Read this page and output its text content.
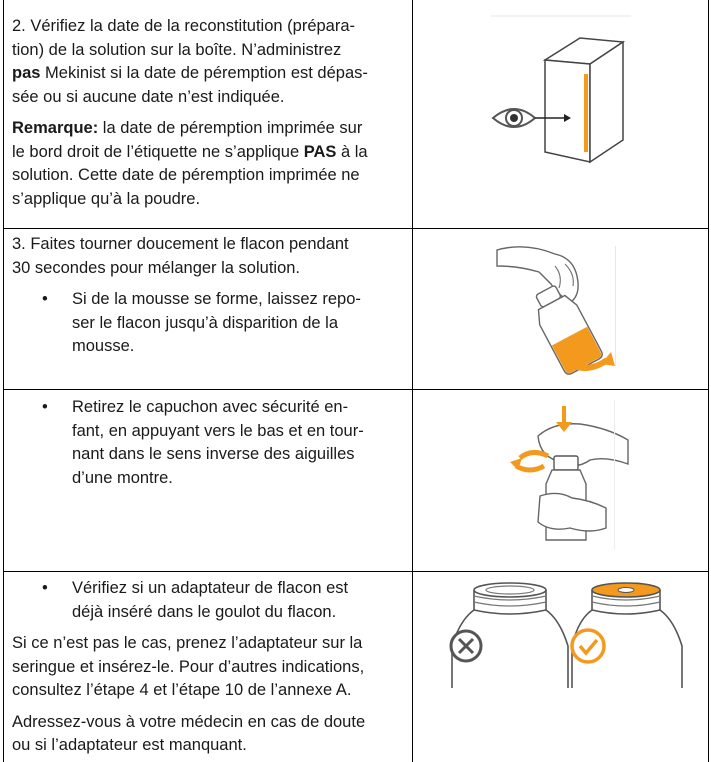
2. Vérifiez la date de la reconstitution (prépara-

tion) de la solution sur la boîte. N’administrez

pas Mekinist si la date de péremption est dépas-

sée ou si aucune date n’est indiquée.

Remarque: la date de péremption imprimée sur

le bord droit de l’étiquette ne s’applique PAS à la

solution. Cette date de péremption imprimée ne

s’applique qu’à la poudre.

3. Faites tourner doucement le flacon pendant

30 secondes pour mélanger la solution.

• Si de la mousse se forme, laissez repo-

ser le flacon jusqu’à disparition de la

mousse.

• Retirez le capuchon avec sécurité en-

fant, en appuyant vers le bas et en tour-

nant dans le sens inverse des aiguilles

d’une montre.

• Vérifiez si un adaptateur de flacon est

déjà inséré dans le goulot du flacon.

Si ce n’est pas le cas, prenez l’adaptateur sur la

seringue et insérez-le. Pour d’autres indications,

consultez l’étape 4 et l’étape 10 de l’annexe A.

Adressez-vous à votre médecin en cas de doute

ou si l’adaptateur est manquant.
